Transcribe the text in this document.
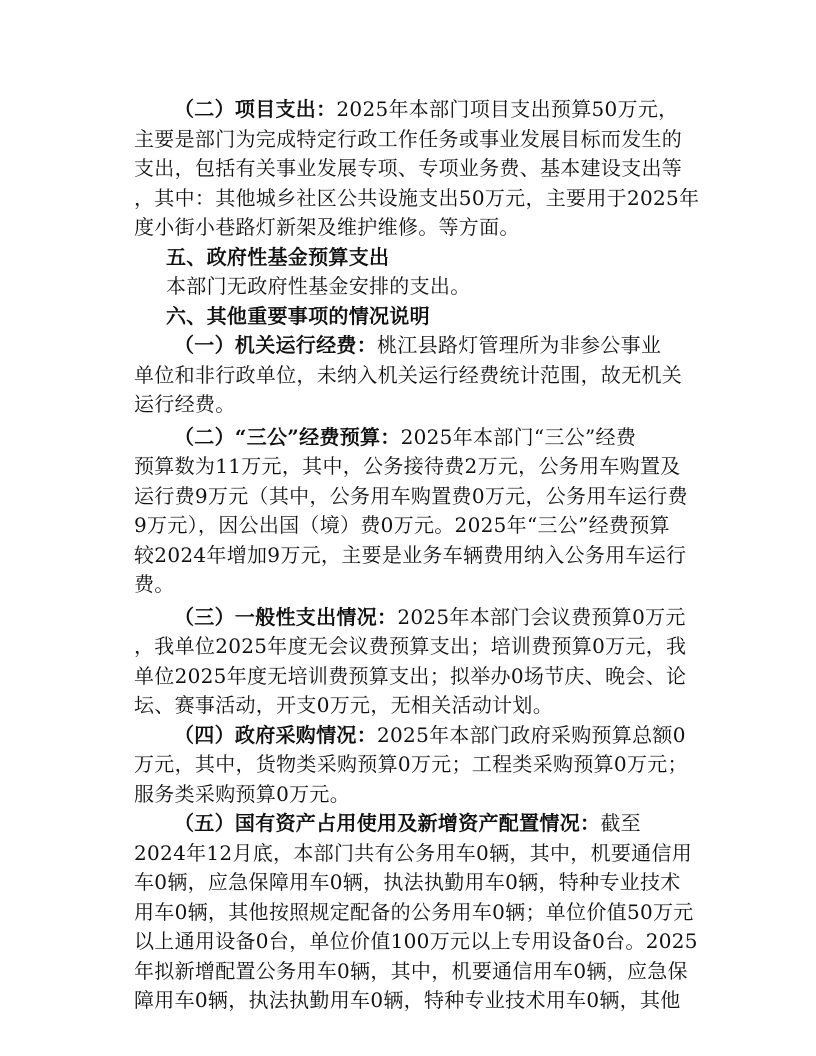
（二）项目支出：2025年本部门项目支出预算50万元，
主要是部门为完成特定行政工作任务或事业发展目标而发生的
支出，包括有关事业发展专项、专项业务费、基本建设支出等
，其中：其他城乡社区公共设施支出50万元，主要用于2025年
度小街小巷路灯新架及维护维修。等方面。
五、政府性基金预算支出
本部门无政府性基金安排的支出。
六、其他重要事项的情况说明
（一）机关运行经费：桃江县路灯管理所为非参公事业
单位和非行政单位，未纳入机关运行经费统计范围，故无机关
运行经费。
（二）“三公”经费预算：2025年本部门“三公”经费
预算数为11万元，其中，公务接待费2万元，公务用车购置及
运行费9万元（其中，公务用车购置费0万元，公务用车运行费
9万元），因公出国（境）费0万元。2025年“三公”经费预算
较2024年增加9万元，主要是业务车辆费用纳入公务用车运行
费。
（三）一般性支出情况：2025年本部门会议费预算0万元
，我单位2025年度无会议费预算支出；培训费预算0万元，我
单位2025年度无培训费预算支出；拟举办0场节庆、晚会、论
坛、赛事活动，开支0万元，无相关活动计划。
（四）政府采购情况：2025年本部门政府采购预算总额0
万元，其中，货物类采购预算0万元；工程类采购预算0万元；
服务类采购预算0万元。
（五）国有资产占用使用及新增资产配置情况：截至
2024年12月底，本部门共有公务用车0辆，其中，机要通信用
车0辆，应急保障用车0辆，执法执勤用车0辆，特种专业技术
用车0辆，其他按照规定配备的公务用车0辆；单位价值50万元
以上通用设备0台，单位价值100万元以上专用设备0台。2025
年拟新增配置公务用车0辆，其中，机要通信用车0辆，应急保
障用车0辆，执法执勤用车0辆，特种专业技术用车0辆，其他
